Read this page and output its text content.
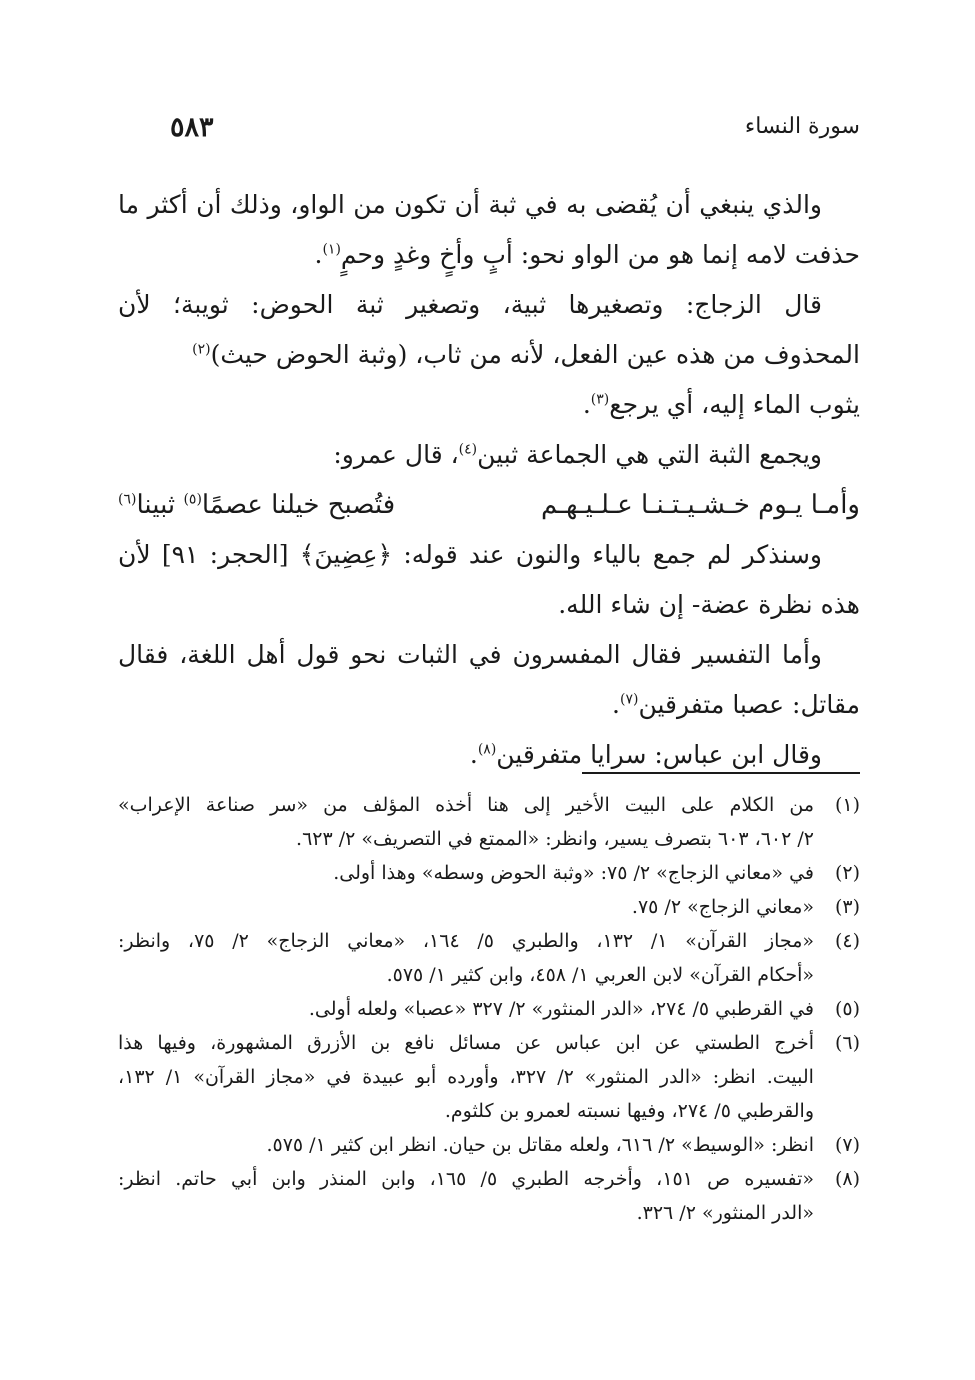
٥٨٣	سورة النساء
والذي ينبغي أن يُقضى به في ثبة أن تكون من الواو، وذلك أن أكثر ما
حذفت لامه إنما هو من الواو نحو: أبٍ وأخٍ وغدٍ وحمٍ$^{(١)}$.
قال الزجاج: وتصغيرها ثبية، وتصغير ثبة الحوض: ثويبة؛ لأن
المحذوف من هذه عين الفعل، لأنه من ثاب، (وثبة الحوض حيث)$^{(٢)}$
يثوب الماء إليه، أي يرجع$^{(٣)}$.
ويجمع الثبة التي هي الجماعة ثبين$^{(٤)}$، قال عمرو:
وأمـا يـوم خـشـيـتـنـا عـلـيـهـم
فتُصبح خيلنا عصمًا$^{(٥)}$ ثبينا$^{(٦)}$
وسنذكر لم جمع بالياء والنون عند قوله: ﴿عِضِينَ﴾ [الحجر: ٩١] لأن
هذه نظرة عضة- إن شاء الله.
وأما التفسير فقال المفسرون في الثبات نحو قول أهل اللغة، فقال
مقاتل: عصبا متفرقين$^{(٧)}$.
وقال ابن عباس: سرايا متفرقين$^{(٨)}$.
(١)
من الكلام على البيت الأخير إلى هنا أخذه المؤلف من «سر صناعة الإعراب»
٢/ ٦٠٢، ٦٠٣ بتصرف يسير، وانظر: «الممتع في التصريف» ٢/ ٦٢٣.
(٢)
في «معاني الزجاج» ٢/ ٧٥: «وثبة الحوض وسطه» وهذا أولى.
(٣)
«معاني الزجاج» ٢/ ٧٥.
(٤)
«مجاز القرآن» ١/ ١٣٢، والطبري ٥/ ١٦٤، «معاني الزجاج» ٢/ ٧٥، وانظر:
«أحكام القرآن» لابن العربي ١/ ٤٥٨، وابن كثير ١/ ٥٧٥.
(٥)
في القرطبي ٥/ ٢٧٤، «الدر المنثور» ٢/ ٣٢٧ «عصبا» ولعله أولى.
(٦)
أخرج الطستي عن ابن عباس عن مسائل نافع بن الأزرق المشهورة، وفيها هذا
البيت. انظر: «الدر المنثور» ٢/ ٣٢٧، وأورده أبو عبيدة في «مجاز القرآن» ١/ ١٣٢،
والقرطبي ٥/ ٢٧٤، وفيها نسبته لعمرو بن كلثوم.
(٧)
انظر: «الوسيط» ٢/ ٦١٦، ولعله مقاتل بن حيان. انظر ابن كثير ١/ ٥٧٥.
(٨)
«تفسيره ص ١٥١، وأخرجه الطبري ٥/ ١٦٥، وابن المنذر وابن أبي حاتم. انظر:
«الدر المنثور» ٢/ ٣٢٦.
